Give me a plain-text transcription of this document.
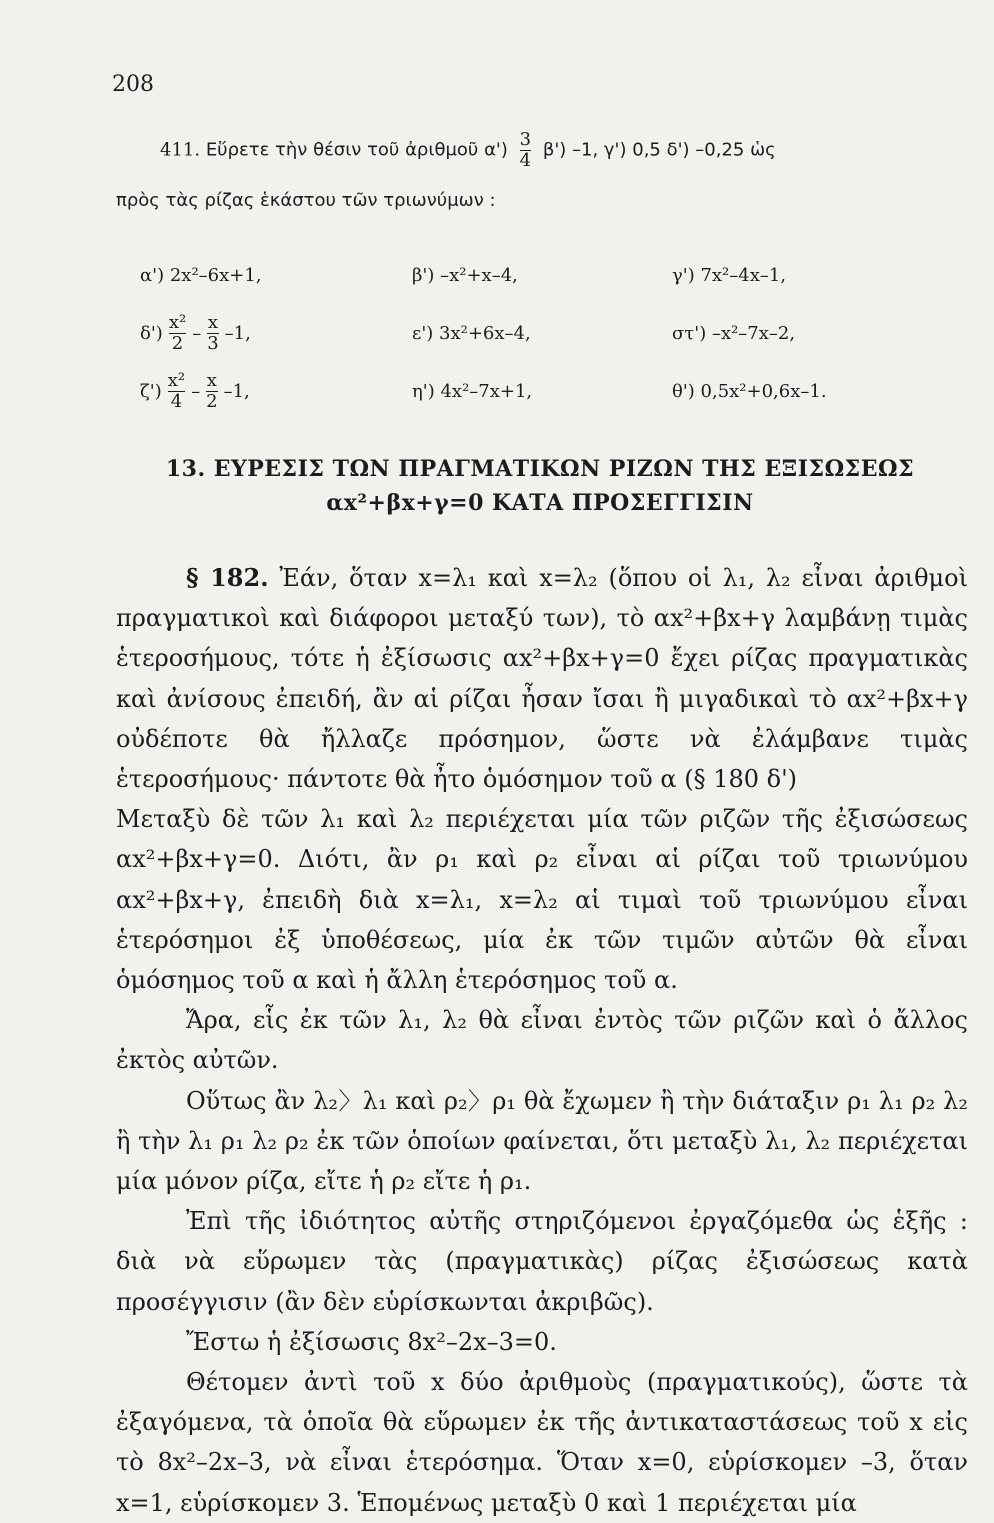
208
411. Εὕρετε τὴν θέσιν τοῦ ἀριθμοῦ $\alpha') \frac{3}{4} \beta'$) –1, γ') 0,5 δ') –0,25 ὡς
πρὸς τὰς ρίζας ἑκάστου τῶν τριωνύμων :
α') 2x²–6x+1,	β') –x²+x–4,	γ') 7x²–4x–1,
$\delta') \frac{\text{x²}}{2} - \frac{x}{3} -1$,	ε') 3x²+6x–4,	στ') –x²–7x–2,
$\zeta') \frac{\text{x²}}{4} - \frac{x}{2} -1$,	η') 4x²–7x+1,	θ') 0,5x²+0,6x–1.
13. ΕΥΡΕΣΙΣ ΤΩΝ ΠΡΑΓΜΑΤΙΚΩΝ ΡΙΖΩΝ ΤΗΣ ΕΞΙΣΩΣΕΩΣ
αx²+βx+γ=0 ΚΑΤΑ ΠΡΟΣΕΓΓΙΣΙΝ

§ 182. Ἐάν, ὅταν x=λ₁ καὶ x=λ₂ (ὅπου οἱ λ₁, λ₂ εἶναι ἀριθμοὶ πραγματικοὶ καὶ διάφοροι μεταξύ των), τὸ αx²+βx+γ λαμβάνῃ τιμὰς ἑτεροσήμους, τότε ἡ ἐξίσωσις αx²+βx+γ=0 ἔχει ρίζας πραγματικὰς καὶ ἀνίσους ἐπειδή, ἂν αἱ ρίζαι ἦσαν ἴσαι ἢ μιγαδικαὶ τὸ αx²+βx+γ οὐδέποτε θὰ ἤλλαζε πρόσημον, ὥστε νὰ ἐλάμβανε τιμὰς ἑτεροσήμους· πάντοτε θὰ ἦτο ὁμόσημον τοῦ α (§ 180 δ')

Μεταξὺ δὲ τῶν λ₁ καὶ λ₂ περιέχεται μία τῶν ριζῶν τῆς ἐξισώσεως αx²+βx+γ=0. Διότι, ἂν ρ₁ καὶ ρ₂ εἶναι αἱ ρίζαι τοῦ τριωνύμου αx²+βx+γ, ἐπειδὴ διὰ x=λ₁, x=λ₂ αἱ τιμαὶ τοῦ τριωνύμου εἶναι ἑτερόσημοι ἐξ ὑποθέσεως, μία ἐκ τῶν τιμῶν αὐτῶν θὰ εἶναι ὁμόσημος τοῦ α καὶ ἡ ἄλλη ἑτερόσημος τοῦ α.

Ἄρα, εἷς ἐκ τῶν λ₁, λ₂ θὰ εἶναι ἐντὸς τῶν ριζῶν καὶ ὁ ἄλλος ἐκτὸς αὐτῶν.

Οὕτως ἂν λ₂〉λ₁ καὶ ρ₂〉ρ₁ θὰ ἔχωμεν ἢ τὴν διάταξιν ρ₁ λ₁ ρ₂ λ₂ ἢ τὴν λ₁ ρ₁ λ₂ ρ₂ ἐκ τῶν ὁποίων φαίνεται, ὅτι μεταξὺ λ₁, λ₂ περιέχεται μία μόνον ρίζα, εἴτε ἡ ρ₂ εἴτε ἡ ρ₁.

Ἐπὶ τῆς ἰδιότητος αὐτῆς στηριζόμενοι ἐργαζόμεθα ὡς ἑξῆς : διὰ νὰ εὕρωμεν τὰς (πραγματικὰς) ρίζας ἐξισώσεως κατὰ προσέγγισιν (ἂν δὲν εὑρίσκωνται ἀκριβῶς).

Ἔστω ἡ ἐξίσωσις 8x²–2x–3=0.

Θέτομεν ἀντὶ τοῦ x δύο ἀριθμοὺς (πραγματικούς), ὥστε τὰ ἐξαγόμενα, τὰ ὁποῖα θὰ εὕρωμεν ἐκ τῆς ἀντικαταστάσεως τοῦ x εἰς τὸ 8x²–2x–3, νὰ εἶναι ἑτερόσημα. Ὅταν x=0, εὑρίσκομεν –3, ὅταν x=1, εὑρίσκομεν 3. Ἑπομένως μεταξὺ 0 καὶ 1 περιέχεται μία
